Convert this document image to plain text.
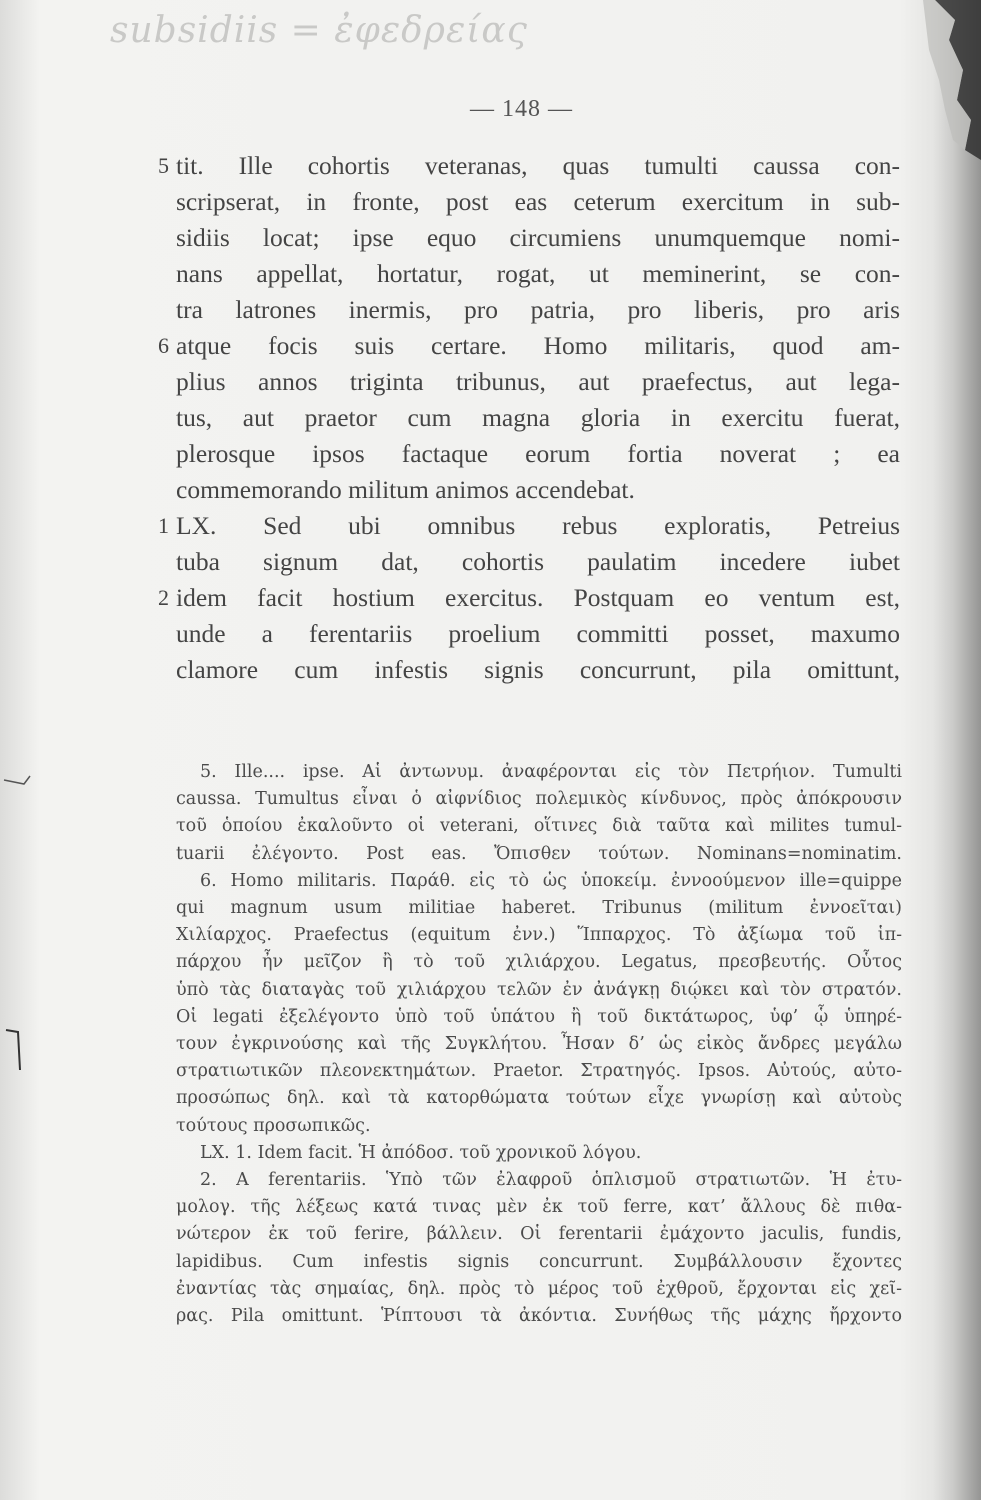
subsidiis = ἐφεδρείας
— 148 —
5 tit. Ille cohortis veteranas, quas tumulti caussa con-
scripserat, in fronte, post eas ceterum exercitum in sub-
sidiis locat; ipse equo circumiens unumquemque nomi-
nans appellat, hortatur, rogat, ut meminerint, se con-
tra latrones inermis, pro patria, pro liberis, pro aris
6 atque focis suis certare. Homo militaris, quod am-
plius annos triginta tribunus, aut praefectus, aut lega-
tus, aut praetor cum magna gloria in exercitu fuerat,
plerosque ipsos factaque eorum fortia noverat ; ea
commemorando militum animos accendebat.
1 LX. Sed ubi omnibus rebus exploratis, Petreius
tuba signum dat, cohortis paulatim incedere iubet
2 idem facit hostium exercitus. Postquam eo ventum est,
unde a ferentariis proelium committi posset, maxumo
clamore cum infestis signis concurrunt, pila omittunt,
5. Ille.... ipse. Αἱ ἀντωνυμ. ἀναφέρονται εἰς τὸν Πετρήιον. Tumulti
caussa. Tumultus εἶναι ὁ αἰφνίδιος πολεμικὸς κίνδυνος, πρὸς ἀπόκρουσιν
τοῦ ὁποίου ἐκαλοῦντο οἱ veterani, οἵτινες διὰ ταῦτα καὶ milites tumul-
tuarii ἐλέγοντο. Post eas. Ὄπισθεν τούτων. Nominans=nominatim.
6. Homo militaris. Παράθ. εἰς τὸ ὡς ὑποκείμ. ἐννοούμενον ille=quippe
qui magnum usum militiae haberet. Tribunus (militum ἐννοεῖται)
Χιλίαρχος. Praefectus (equitum ἐνν.) Ἵππαρχος. Τὸ ἀξίωμα τοῦ ἱπ-
πάρχου ἦν μεῖζον ἢ τὸ τοῦ χιλιάρχου. Legatus, πρεσβευτής. Οὗτος
ὑπὸ τὰς διαταγὰς τοῦ χιλιάρχου τελῶν ἐν ἀνάγκῃ διῴκει καὶ τὸν στρατόν.
Οἱ legati ἐξελέγοντο ὑπὸ τοῦ ὑπάτου ἢ τοῦ δικτάτωρος, ὑφ’ ᾧ ὑπηρέ-
τουν ἐγκρινούσης καὶ τῆς Συγκλήτου. Ἦσαν δ’ ὡς εἰκὸς ἄνδρες μεγάλω
στρατιωτικῶν πλεονεκτημάτων. Praetor. Στρατηγός. Ipsos. Αὐτούς, αὐτο-
προσώπως δηλ. καὶ τὰ κατορθώματα τούτων εἶχε γνωρίσῃ καὶ αὐτοὺς
τούτους προσωπικῶς.
LX. 1. Idem facit. Ἡ ἀπόδοσ. τοῦ χρονικοῦ λόγου.
2. A ferentariis. Ὑπὸ τῶν ἐλαφροῦ ὁπλισμοῦ στρατιωτῶν. Ἡ ἐτυ-
μολογ. τῆς λέξεως κατά τινας μὲν ἐκ τοῦ ferre, κατ’ ἄλλους δὲ πιθα-
νώτερον ἐκ τοῦ ferire, βάλλειν. Οἱ ferentarii ἐμάχοντο jaculis, fundis,
lapidibus. Cum infestis signis concurrunt. Συμβάλλουσιν ἔχοντες
ἐναντίας τὰς σημαίας, δηλ. πρὸς τὸ μέρος τοῦ ἐχθροῦ, ἔρχονται εἰς χεῖ-
ρας. Pila omittunt. Ῥίπτουσι τὰ ἀκόντια. Συνήθως τῆς μάχης ἤρχοντο
